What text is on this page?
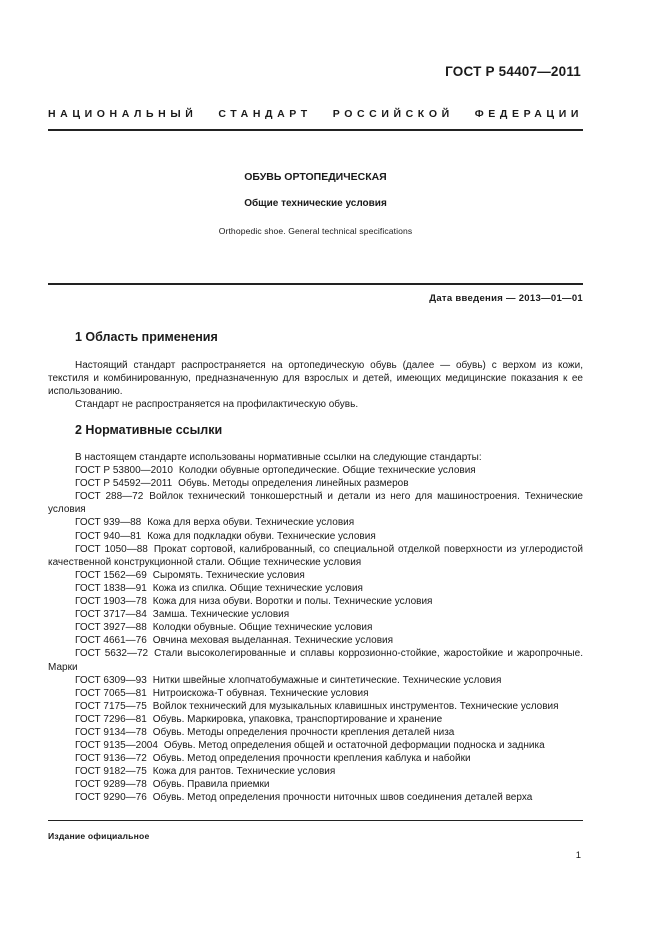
ГОСТ Р 54407—2011
НАЦИОНАЛЬНЫЙ СТАНДАРТ РОССИЙСКОЙ ФЕДЕРАЦИИ
ОБУВЬ ОРТОПЕДИЧЕСКАЯ
Общие технические условия
Orthopedic shoe. General technical specifications
Дата введения — 2013—01—01
1 Область применения

Настоящий стандарт распространяется на ортопедическую обувь (далее — обувь) с верхом из кожи, текстиля и комбинированную, предназначенную для взрослых и детей, имеющих медицинские показания к ее использованию.

Стандарт не распространяется на профилактическую обувь.

2 Нормативные ссылки

В настоящем стандарте использованы нормативные ссылки на следующие стандарты:

ГОСТ Р 53800—2010 Колодки обувные ортопедические. Общие технические условия

ГОСТ Р 54592—2011 Обувь. Методы определения линейных размеров

ГОСТ 288—72 Войлок технический тонкошерстный и детали из него для машиностроения. Технические условия

ГОСТ 939—88 Кожа для верха обуви. Технические условия

ГОСТ 940—81 Кожа для подкладки обуви. Технические условия

ГОСТ 1050—88 Прокат сортовой, калиброванный, со специальной отделкой поверхности из углеродистой качественной конструкционной стали. Общие технические условия

ГОСТ 1562—69 Сыромять. Технические условия

ГОСТ 1838—91 Кожа из спилка. Общие технические условия

ГОСТ 1903—78 Кожа для низа обуви. Воротки и полы. Технические условия

ГОСТ 3717—84 Замша. Технические условия

ГОСТ 3927—88 Колодки обувные. Общие технические условия

ГОСТ 4661—76 Овчина меховая выделанная. Технические условия

ГОСТ 5632—72 Стали высоколегированные и сплавы коррозионно-стойкие, жаростойкие и жаропрочные. Марки

ГОСТ 6309—93 Нитки швейные хлопчатобумажные и синтетические. Технические условия

ГОСТ 7065—81 Нитроискожа-Т обувная. Технические условия

ГОСТ 7175—75 Войлок технический для музыкальных клавишных инструментов. Технические условия

ГОСТ 7296—81 Обувь. Маркировка, упаковка, транспортирование и хранение

ГОСТ 9134—78 Обувь. Методы определения прочности крепления деталей низа

ГОСТ 9135—2004 Обувь. Метод определения общей и остаточной деформации подноска и задника

ГОСТ 9136—72 Обувь. Метод определения прочности крепления каблука и набойки

ГОСТ 9182—75 Кожа для рантов. Технические условия

ГОСТ 9289—78 Обувь. Правила приемки

ГОСТ 9290—76 Обувь. Метод определения прочности ниточных швов соединения деталей верха

Издание официальное
1
